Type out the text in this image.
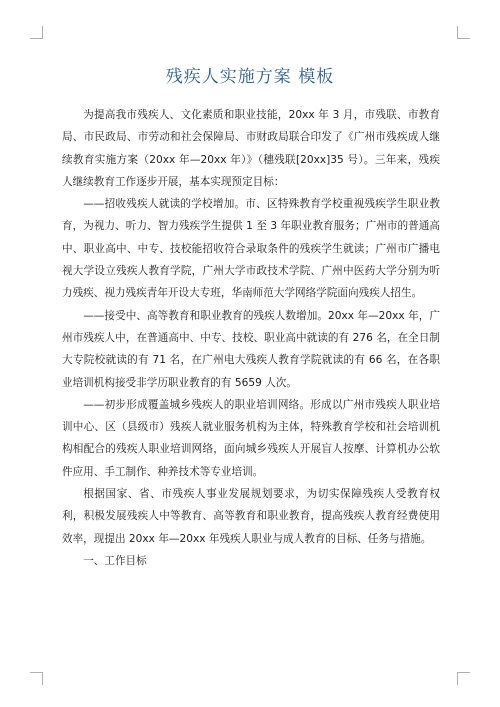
残疾人实施方案 模板

为提高我市残疾人、文化素质和职业技能，20xx 年 3 月，市残联、市教育局、市民政局、市劳动和社会保障局、市财政局联合印发了《广州市残疾成人继续教育实施方案（20xx 年—20xx 年）》（穗残联[20xx]35 号）。三年来，残疾人继续教育工作逐步开展，基本实现预定目标：

——招收残疾人就读的学校增加。市、区特殊教育学校重视残疾学生职业教育，为视力、听力、智力残疾学生提供 1 至 3 年职业教育服务；广州市的普通高中、职业高中、中专、技校能招收符合录取条件的残疾学生就读；广州市广播电视大学设立残疾人教育学院，广州大学市政技术学院、广州中医药大学分别为听力残疾、视力残疾青年开设大专班，华南师范大学网络学院面向残疾人招生。

——接受中、高等教育和职业教育的残疾人数增加。20xx 年—20xx 年，广州市残疾人中，在普通高中、中专、技校、职业高中就读的有 276 名，在全日制大专院校就读的有 71 名，在广州电大残疾人教育学院就读的有 66 名，在各职业培训机构接受非学历职业教育的有 5659 人次。

——初步形成覆盖城乡残疾人的职业培训网络。形成以广州市残疾人职业培训中心、区（县级市）残疾人就业服务机构为主体，特殊教育学校和社会培训机构相配合的残疾人职业培训网络，面向城乡残疾人开展盲人按摩、计算机办公软件应用、手工制作、种养技术等专业培训。

根据国家、省、市残疾人事业发展规划要求，为切实保障残疾人受教育权利，积极发展残疾人中等教育、高等教育和职业教育，提高残疾人教育经费使用效率，现提出 20xx 年—20xx 年残疾人职业与成人教育的目标、任务与措施。

一、工作目标
